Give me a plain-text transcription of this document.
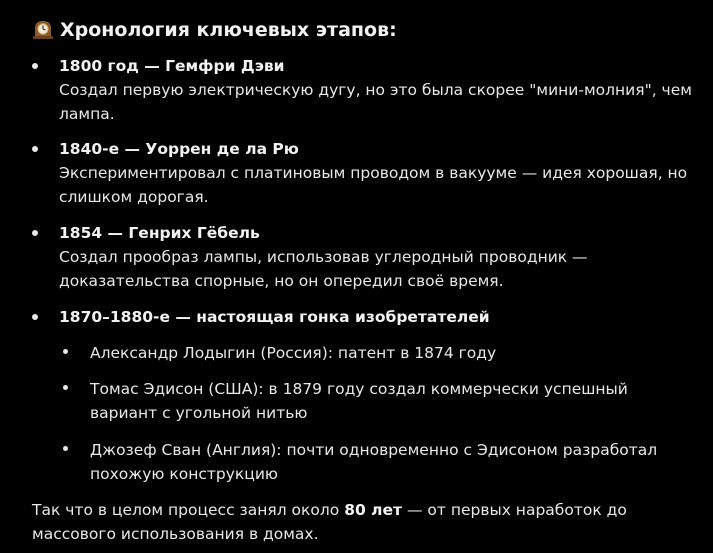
Хронология ключевых этапов:
1800 год — Гемфри Дэви
Создал первую электрическую дугу, но это была скорее "мини-молния", чем лампа.
1840-е — Уоррен де ла Рю
Экспериментировал с платиновым проводом в вакууме — идея хорошая, но слишком дорогая.
1854 — Генрих Гёбель
Создал прообраз лампы, использовав углеродный проводник — доказательства спорные, но он опередил своё время.
1870–1880-е — настоящая гонка изобретателей
Александр Лодыгин (Россия): патент в 1874 году
Томас Эдисон (США): в 1879 году создал коммерчески успешный вариант с угольной нитью
Джозеф Сван (Англия): почти одновременно с Эдисоном разработал похожую конструкцию
Так что в целом процесс занял около 80 лет — от первых наработок до массового использования в домах.
